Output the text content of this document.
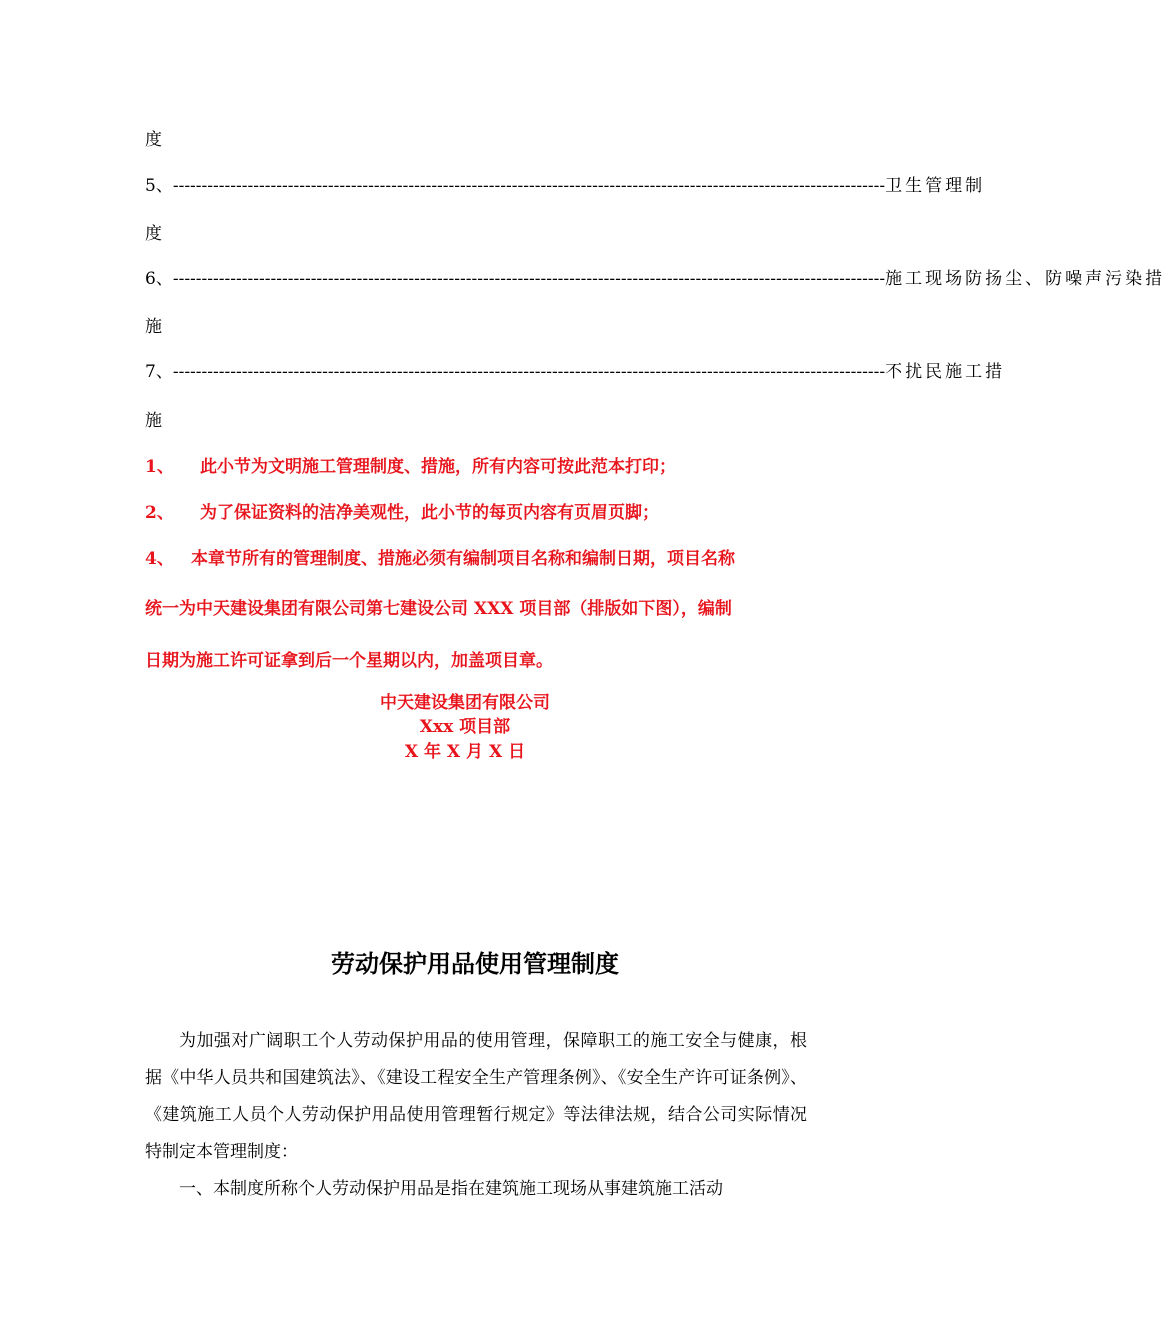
度
5、 ---------------------------------------------------------------------------------------------------------------------------- 卫生管理制
度
6、 ---------------------------------------------------------------------------------------------------------------------------- 施工现场防扬尘、防噪声污染措
施
7、 ---------------------------------------------------------------------------------------------------------------------------- 不扰民施工措
施
1、	此小节为文明施工管理制度、措施，所有内容可按此范本打印；
2、	为了保证资料的洁净美观性，此小节的每页内容有页眉页脚；
4、	本章节所有的管理制度、措施必须有编制项目名称和编制日期，项目名称
统一为中天建设集团有限公司第七建设公司 XXX 项目部（排版如下图），编制
日期为施工许可证拿到后一个星期以内，加盖项目章。
中天建设集团有限公司
Xxx 项目部
X 年 X 月 X 日
劳动保护用品使用管理制度
为加强对广阔职工个人劳动保护用品的使用管理，保障职工的施工安全与健康，根据《中华人员共和国建筑法》、《建设工程安全生产管理条例》、《安全生产许可证条例》、《建筑施工人员个人劳动保护用品使用管理暂行规定》等法律法规，结合公司实际情况特制定本管理制度：
一、本制度所称个人劳动保护用品是指在建筑施工现场从事建筑施工活动
